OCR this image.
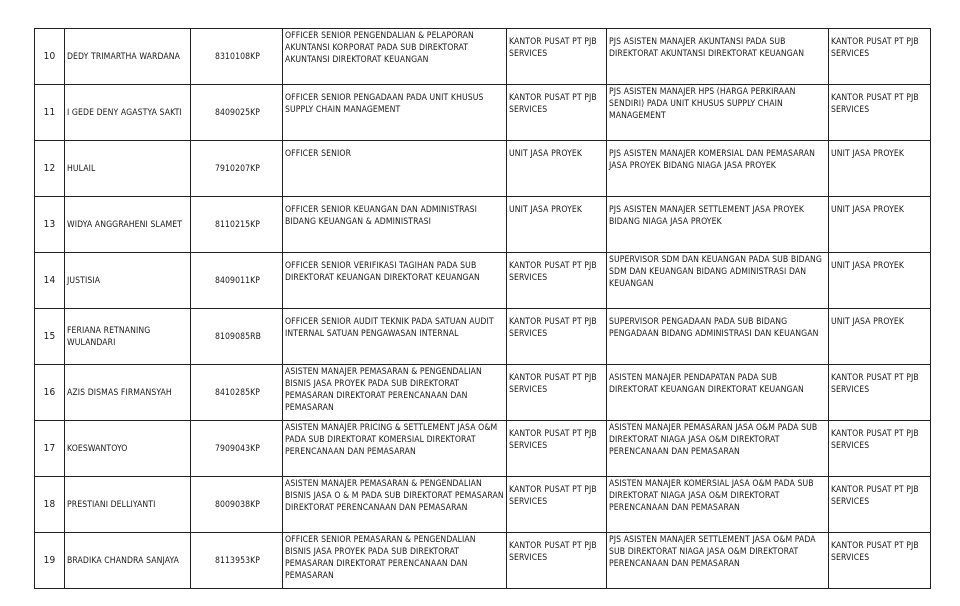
10	DEDY TRIMARTHA WARDANA	8310108KP	OFFICER SENIOR PENGENDALIAN & PELAPORAN AKUNTANSI KORPORAT PADA SUB DIREKTORAT AKUNTANSI DIREKTORAT KEUANGAN	KANTOR PUSAT PT PJB SERVICES	PJS ASISTEN MANAJER AKUNTANSI PADA SUB DIREKTORAT AKUNTANSI DIREKTORAT KEUANGAN	KANTOR PUSAT PT PJB SERVICES
11	I GEDE DENY AGASTYA SAKTI	8409025KP	OFFICER SENIOR PENGADAAN PADA UNIT KHUSUS SUPPLY CHAIN MANAGEMENT	KANTOR PUSAT PT PJB SERVICES	PJS ASISTEN MANAJER HPS (HARGA PERKIRAAN SENDIRI) PADA UNIT KHUSUS SUPPLY CHAIN MANAGEMENT	KANTOR PUSAT PT PJB SERVICES
12	HULAIL	7910207KP	OFFICER SENIOR	UNIT JASA PROYEK	PJS ASISTEN MANAJER KOMERSIAL DAN PEMASARAN JASA PROYEK BIDANG NIAGA JASA PROYEK	UNIT JASA PROYEK
13	WIDYA ANGGRAHENI SLAMET	8110215KP	OFFICER SENIOR KEUANGAN DAN ADMINISTRASI BIDANG KEUANGAN & ADMINISTRASI	UNIT JASA PROYEK	PJS ASISTEN MANAJER SETTLEMENT JASA PROYEK BIDANG NIAGA JASA PROYEK	UNIT JASA PROYEK
14	JUSTISIA	8409011KP	OFFICER SENIOR VERIFIKASI TAGIHAN PADA SUB DIREKTORAT KEUANGAN DIREKTORAT KEUANGAN	KANTOR PUSAT PT PJB SERVICES	SUPERVISOR SDM DAN KEUANGAN PADA SUB BIDANG SDM DAN KEUANGAN BIDANG ADMINISTRASI DAN KEUANGAN	UNIT JASA PROYEK
15	FERIANA RETNANING WULANDARI	8109085RB	OFFICER SENIOR AUDIT TEKNIK PADA SATUAN AUDIT INTERNAL SATUAN PENGAWASAN INTERNAL	KANTOR PUSAT PT PJB SERVICES	SUPERVISOR PENGADAAN PADA SUB BIDANG PENGADAAN BIDANG ADMINISTRASI DAN KEUANGAN	UNIT JASA PROYEK
16	AZIS DISMAS FIRMANSYAH	8410285KP	ASISTEN MANAJER PEMASARAN & PENGENDALIAN BISNIS JASA PROYEK PADA SUB DIREKTORAT PEMASARAN DIREKTORAT PERENCANAAN DAN PEMASARAN	KANTOR PUSAT PT PJB SERVICES	ASISTEN MANAJER PENDAPATAN PADA SUB DIREKTORAT KEUANGAN DIREKTORAT KEUANGAN	KANTOR PUSAT PT PJB SERVICES
17	KOESWANTOYO	7909043KP	ASISTEN MANAJER PRICING & SETTLEMENT JASA O&M PADA SUB DIREKTORAT KOMERSIAL DIREKTORAT PERENCANAAN DAN PEMASARAN	KANTOR PUSAT PT PJB SERVICES	ASISTEN MANAJER PEMASARAN JASA O&M PADA SUB DIREKTORAT NIAGA JASA O&M DIREKTORAT PERENCANAAN DAN PEMASARAN	KANTOR PUSAT PT PJB SERVICES
18	PRESTIANI DELLIYANTI	8009038KP	ASISTEN MANAJER PEMASARAN & PENGENDALIAN BISNIS JASA O & M PADA SUB DIREKTORAT PEMASARAN DIREKTORAT PERENCANAAN DAN PEMASARAN	KANTOR PUSAT PT PJB SERVICES	ASISTEN MANAJER KOMERSIAL JASA O&M PADA SUB DIREKTORAT NIAGA JASA O&M DIREKTORAT PERENCANAAN DAN PEMASARAN	KANTOR PUSAT PT PJB SERVICES
19	BRADIKA CHANDRA SANJAYA	8113953KP	OFFICER SENIOR PEMASARAN & PENGENDALIAN BISNIS JASA PROYEK PADA SUB DIREKTORAT PEMASARAN DIREKTORAT PERENCANAAN DAN PEMASARAN	KANTOR PUSAT PT PJB SERVICES	PJS ASISTEN MANAJER SETTLEMENT JASA O&M PADA SUB DIREKTORAT NIAGA JASA O&M DIREKTORAT PERENCANAAN DAN PEMASARAN	KANTOR PUSAT PT PJB SERVICES
